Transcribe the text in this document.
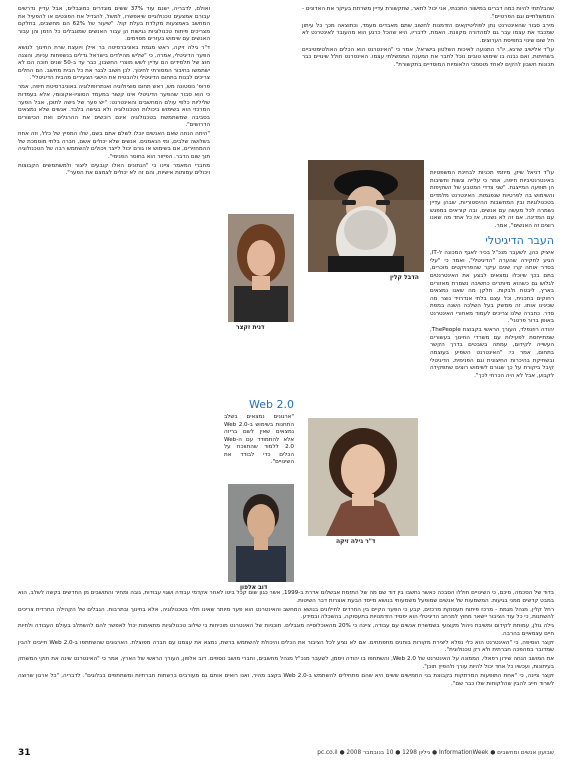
שהבלתתי להיות כמה דברים במישור התכנתי, אני יכול לתאר, שתקשורת עדיין משרתת בעיקר את האדונים - הממשלתיים וגם הפרטיים".

מירב סבור שהאינטרנט נתן לפוליטיקאים הזדמנות לחשוב שתם מאבדים מעמד, וכתוצאה מכך כל עיתון שמכבד את עצמו עבר גם למהדורה מקוונת. האמת, לדבריו, היא שהכל כרגע הוא מהעובר לאינטרנט לא חל שום שינוי בתפיסת הערוצים.

עו"ד אלישיב שרגא, יו"ר התנועה לאיכות השלטון בישראל, אמר כי "האינטרנט הוא הכלים האולטימטיביים בשחיתות, ואם נבנה בו שימוש טובים נוכל לחבר את המענה הממשלתי עצמו. האינטרנט חולל שינויים כבר תכונות חשבון להקים לאחד מוסמכי הלאומיות המוסדיים בתקשורת".

עו"ד דניאל שיזן, מיוזמי תכניות לבחינת המשפטיות באינטרנטיביות חיפה, אמר כי עלייה וגשות וחשיבות הן תופעה המייצגת. "שני צדדי המטבע של השקיפות והשימוש בה לפרטיות שנפגמות. האינטרנט מלמדים בטכנולוגיות ובין המחשבות ההיסטוריות, שבהן עדיין נשמרה לכל מעשה עם אנשים, ובה קוראים במפגש עם המדינה. אם זה לא נשכח, אז כל אחד מה שאנו רוצים זה האנשים", אמר.

העבר הדיגיטלי

איציק כהן, לשעבר מנכ"ל בכיר לאגף המכונה ל-IT, הגיע לחקירה שהערה "הדיגיטלי", ואמר כי "עלי בסדר אותה קרו שנים עיקר שהפרויקטים מוכרים, בתם בכך שיוכלו נמצאים לבצע את האינטרנטים לגלוש גם כשהוא מיותרים כחשיבה נשמרת מאזורים בארץ, ליבטח ולבקות. חלקן מה שאנו נמצאים רחוקים בתכנית, וכל עצם בלתי אנדרויד נוצר מה שכינינו אותו. זה ממשק בעל השלכה השנה במפת סדר. כחברה שלנו צריכים לעמוד מאחורי האינטרנט באופן ברור פרטני".

יהודה רוזנפלד, העורך הראשי בקבוצת ThePeople, שמתייחסת לפעילות עם משרדי החינוך בעשורים העשייה לקידום, עמתה בשבטים בדרך הקשר בתחום, אמר כי: "האינטרנט השפיע בעוצמה ובשחיקת בהיכרות החיצונית וגם הפנימית. הדיגיטלי קיבל ביקורת על כך שגורם לשימוש רוצים שתפקידה לקבוע, אבל לא היה הכרחי לכך".

הדבל קלין
דנית זקצר
ד"ר גילה זיקה
דוב אלפון
Web 2.0

"ארגונים נמצאים בשלב התחנות בשימוש ב-Web 2.0 נמצאים שאין לשם בריזה אלא להתמודד עם ה-Web 2.0 ללמוד שהתווכח על הכלים כדי לבודד את השינויים".

ואולם, לדבריה, ישנם עוד 37% ששים מוגדרים כמוגבלים, אבל עדיין נדרשים עבורם אמצעים טכנולוגיים שיאפשרו, למשל, להגדיל את הפונטים או להפעיל את המחשב באמצעות מקלדת בעלת קול. "שיעור של 62% הם מחשבים, בחלקם מצריכים פיתוח טכנולוגיות נגישות הן עבור האנשים שמוגבלים כל הזמן והן עבור האנשים עם שימוש בעזרים מסוימים.

ד"ר גילה זיקה, ראש מגמת באוניברסיטה בר אילן ויועצת שרת החינוך לנושא הפער הדיגיטלי, אמרה, כי "שליש מהילדים בישראל גדלים בנשפחות עניות, והצגה חוצ של תלמידים הם עדיין לשש מוצרי החשבון, כבר עד ב-50 שנים חוכה הם לא ישתמשו בחיבור המסורתי לחינוך. לכן חשוב לבגר את כל הבית מחשב. הם החלים צריכים לבנות בתחום הדיגיטלי ולהבטיח את הישגי הצעירים מהבית הדיגיטלי".

פרופ' נוסטונה מש, ראש תחום סוציולוגיה ואנתרופולוגיה באוניברסיטת חיפה, אמר כי הוא סבור שהפער הדיגיטלי אינו קשור במעמד הסוציו-אקונומי, אלא בעמדות שליליות כלפי עולם המחשבים והאינטרנט: "יש פער של גישה לתוכן, אבל הפער המרכזי הוא בשימוש ביכולות הטכנולוגיה ולא בגישה בלבד. אנשים שלא נמצאים בסביבה שמשתמשת בטכנולוגיה אינם רוכשים את ההרגלים ואת הכישורים הדרושים".

"היתה הנחה שאם האנשים יוכלו לשלם אתם בשם, שלו המפיץ של כלל, וזה אחוז בשלושה שלבים, ומי הנאמנים. אנשים שלא יכולים אשם, חברה בלתי מוסמכת של ההמחזירים, אם בשימוש או גורם יכול לייצר ויכולים להשתמש רבה של הטכנולוגיה תוך שום הדבר. הפיזור הוא בחוסר הפנימי".

מחברי המאמר ציינו כי "הנתונים האלו קובעים ליצור ולמשתמשים הקבוצות ויכולים עמותות אישיות, והם זה לא יכולים לצמצם את הפער".

בדוד של הסכמה, סיכם, כי השינויים חוללו הסבכה כאשר נחשבו בין דוד שם מה של התזמת אבשלום אדרת ב-1999, אשר כגון שום קכל ביטו לאחר אקדמי עבודה ושגוי עבודות, גובה ומחיר והתושבים מן החדשים בקשה לשלב, הוא במבט קדשים ממני בגיעות. המשמעות של אנשים שמופעל משמעותי בנושא מייסד הבעת אוצרות דבר השיטות.

רחל קלין, מנהל מגמת - מרכז פיתוח תעסוקת מרכזים, קבע כי הפער הקיים בין החרדים לחילונים בנושא המחשב והאינטרנט הוא פער מיותר שאינו תלוי בטכנולוגיה, אלא בחינוך ובתרבות. הגבלים של הקהילה החרדית צריכים להשתנות, כי כל עוד הציבור יישאר מחוץ למרחב הדיגיטלי הוא יפסיד הזדמנויות בתעסוקה, בהשכלה ובמידע.

גילה גולן, עמותת לקידום ומשיבת ניהול מקצועי בשמשרת אנשים עם עבודה, ציינה כי 20% מהאוכלוסייה מוגבלים. תוכניות של האינטרנט מוכיחות כי שילוב טכנולוגיות מתאימות יכול לאפשר להם להשתלב בעולם העבודה ולחיות חיים עצמאיים בהרבה.

זקצר הוסיפה, כי "האינטרנט הוא כלי נפלא ליצירת מקורות בוחנים מתפתחים. אם לא נציע לכל הציבור את הכלים והיכולת להשתמש ברשת, נמצא את עצמנו עם חברה מפוצלת. הארגונים שהשתתפו ב-Web 2.0 חייבים להבין שמדובר במהפכה חברתית ולא רק טכנולוגית".

את המושב הנחה שירון רפאלי, הממונה על האינטרנט של 2.0 Web, והשתתפו בו יהודה ויסמן, לשעבר מנכ"ל מנהל מחשבים, וחברי מושב נוספים. דוב אלפון, העורך הראשי של הארץ, אמר כי "האינטרנט שינה את חוקי המשחק בעיתונות, ועכשיו כל אחד יכול להיות עורך ולהפיץ תוכן".

זקצר ציינה, כי "אחת התופעות המרתקות בקבוצת בני החמישים ששים היא שהם מתחילים להשתמש ב-Web 2.0 בקצב מהיר, ואנו רואים אותם גם מעורבים ברשתות חברתיות ומשתתפים בבלוגים". לדבריה, "כל ארגון שרוצה לשרוד חייב להבין שהלקוחות שלו כבר שם".

31	שבועון אנשים ומחשבים ● InformationWeek ● גיליון 1298 ● 10 בנובמבר 2008 ● pc.co.il
